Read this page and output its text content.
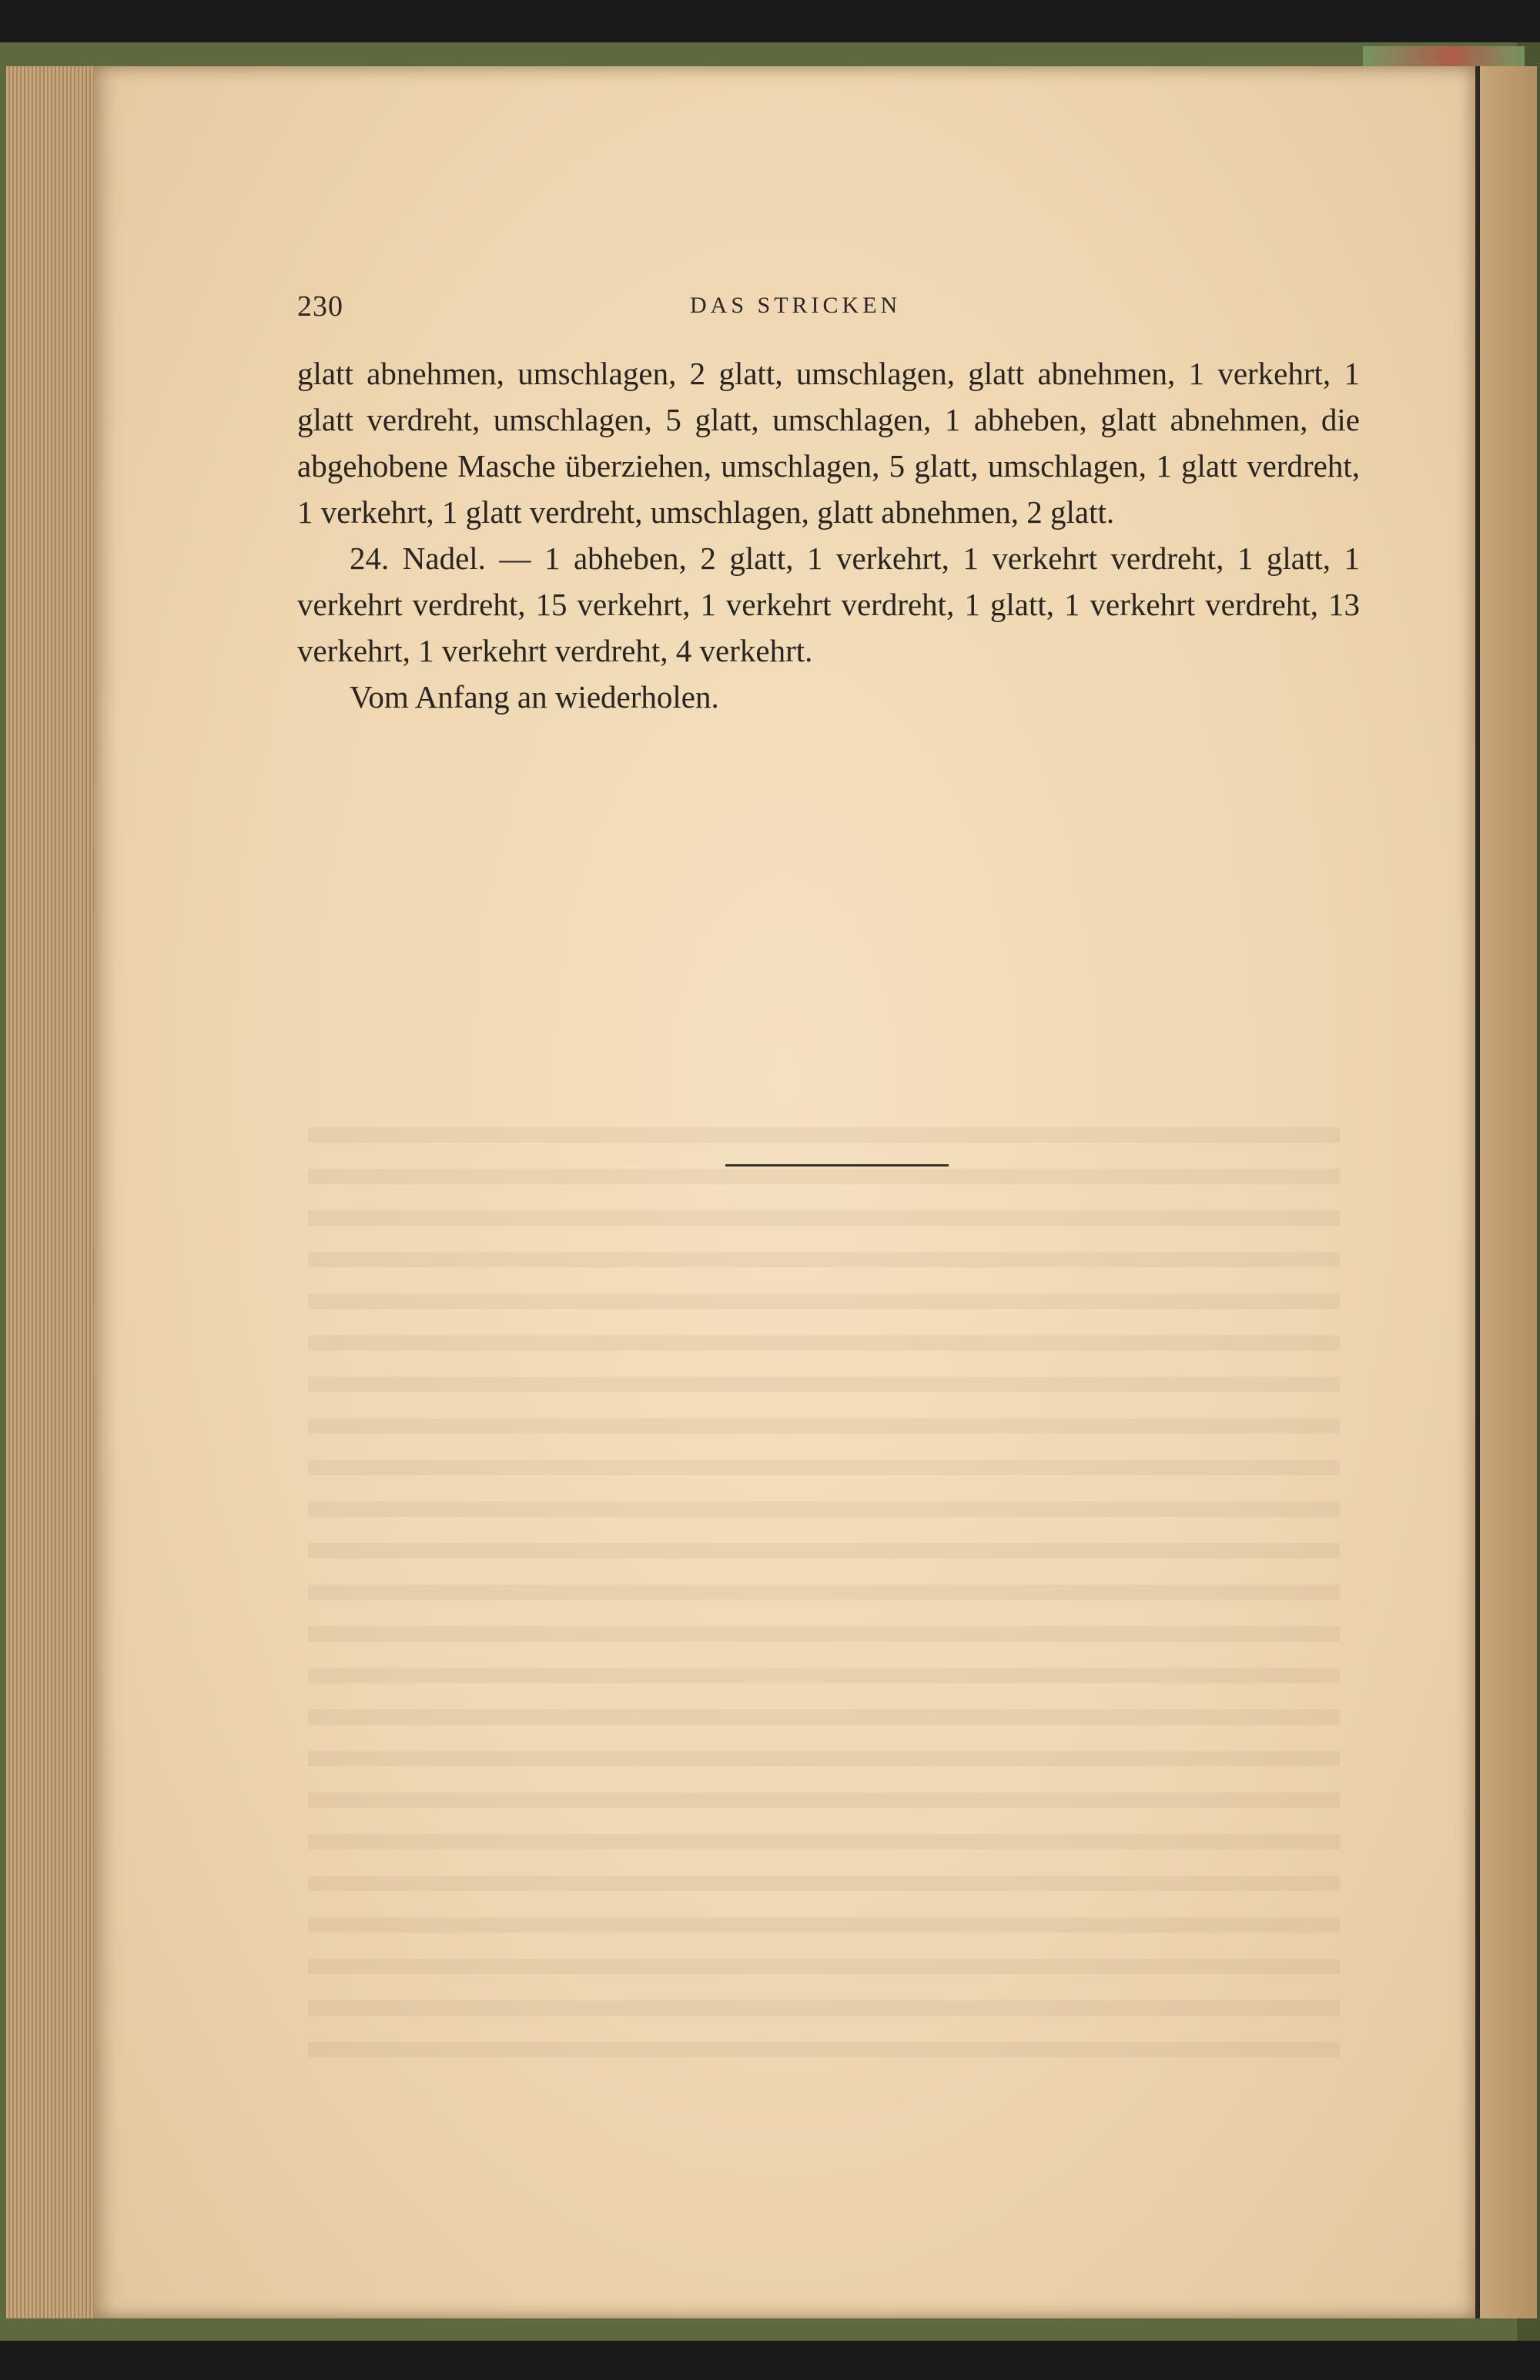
230	DAS STRICKEN

glatt abnehmen, umschlagen, 2 glatt, umschlagen, glatt abnehmen, 1 verkehrt, 1 glatt verdreht, umschlagen, 5 glatt, umschlagen, 1 abheben, glatt abnehmen, die abgehobene Masche überziehen, umschlagen, 5 glatt, umschlagen, 1 glatt verdreht, 1 verkehrt, 1 glatt verdreht, umschlagen, glatt abnehmen, 2 glatt.

24. Nadel. — 1 abheben, 2 glatt, 1 verkehrt, 1 verkehrt verdreht, 1 glatt, 1 verkehrt verdreht, 15 verkehrt, 1 verkehrt verdreht, 1 glatt, 1 verkehrt verdreht, 13 verkehrt, 1 verkehrt verdreht, 4 verkehrt.

Vom Anfang an wiederholen.
